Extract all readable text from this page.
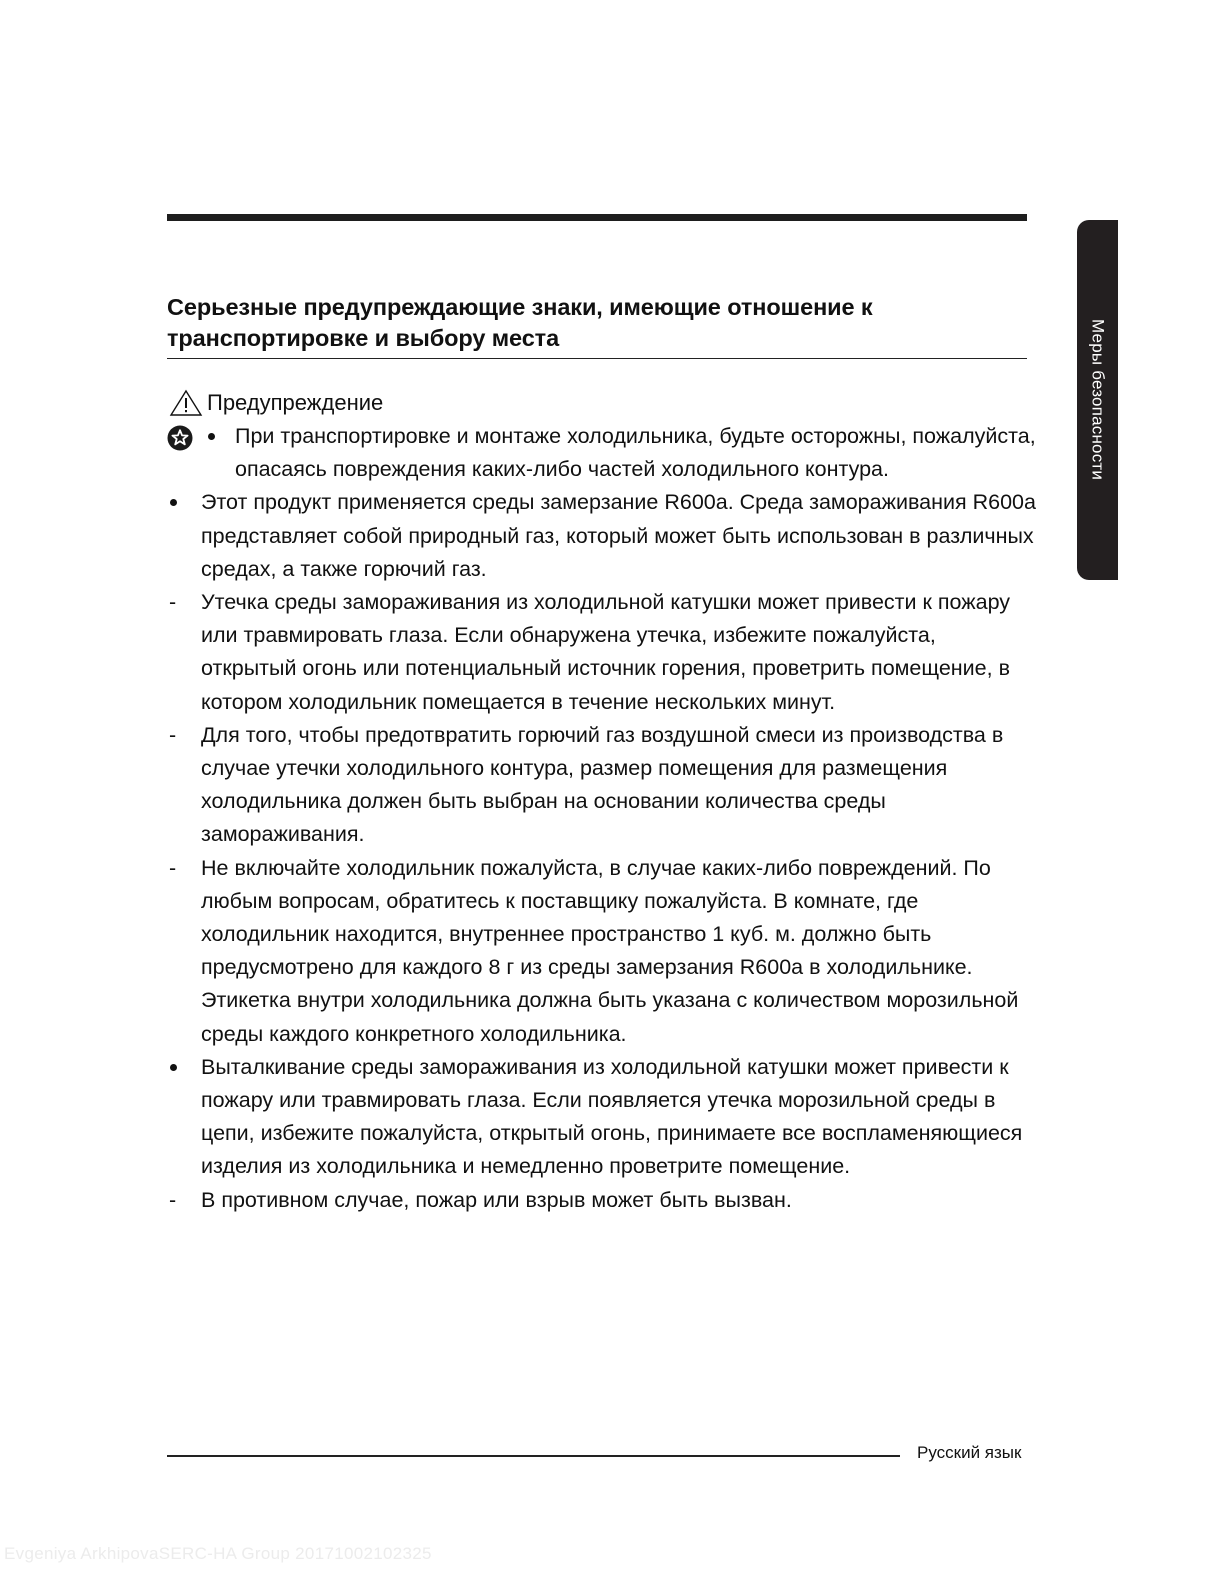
Меры безопасности
Серьезные предупреждающие знаки, имеющие отношение к транспортировке и выбору места
Предупреждение
При транспортировке и монтаже холодильника, будьте осторожны, пожалуйста, опасаясь повреждения каких-либо частей холодильного контура.
Этот продукт применяется среды замерзание R600a. Среда замораживания R600a представляет собой природный газ, который может быть использован в различных средах, а также горючий газ.
-	Утечка среды замораживания из холодильной катушки может привести к пожару или травмировать глаза. Если обнаружена утечка, избежите пожалуйста, открытый огонь или потенциальный источник горения, проветрить помещение, в котором холодильник помещается в течение нескольких минут.
-	Для того, чтобы предотвратить горючий газ воздушной смеси из производства в случае утечки холодильного контура, размер помещения для размещения холодильника должен быть выбран на основании количества среды замораживания.
-	Не включайте холодильник пожалуйста, в случае каких-либо повреждений. По любым вопросам, обратитесь к поставщику пожалуйста. В комнате, где холодильник находится, внутреннее пространство 1 куб. м. должно быть предусмотрено для каждого 8 г из среды замерзания R600a в холодильнике. Этикетка внутри холодильника должна быть указана с количеством морозильной среды каждого конкретного холодильника.
Выталкивание среды замораживания из холодильной катушки может привести к пожару или травмировать глаза. Если появляется утечка морозильной среды в цепи, избежите пожалуйста, открытый огонь, принимаете все воспламеняющиеся изделия из холодильника и немедленно проветрите помещение.
-	В противном случае, пожар или взрыв может быть вызван.
Русский язык
Evgeniya ArkhipovaSERC-HA Group 20171002102325
